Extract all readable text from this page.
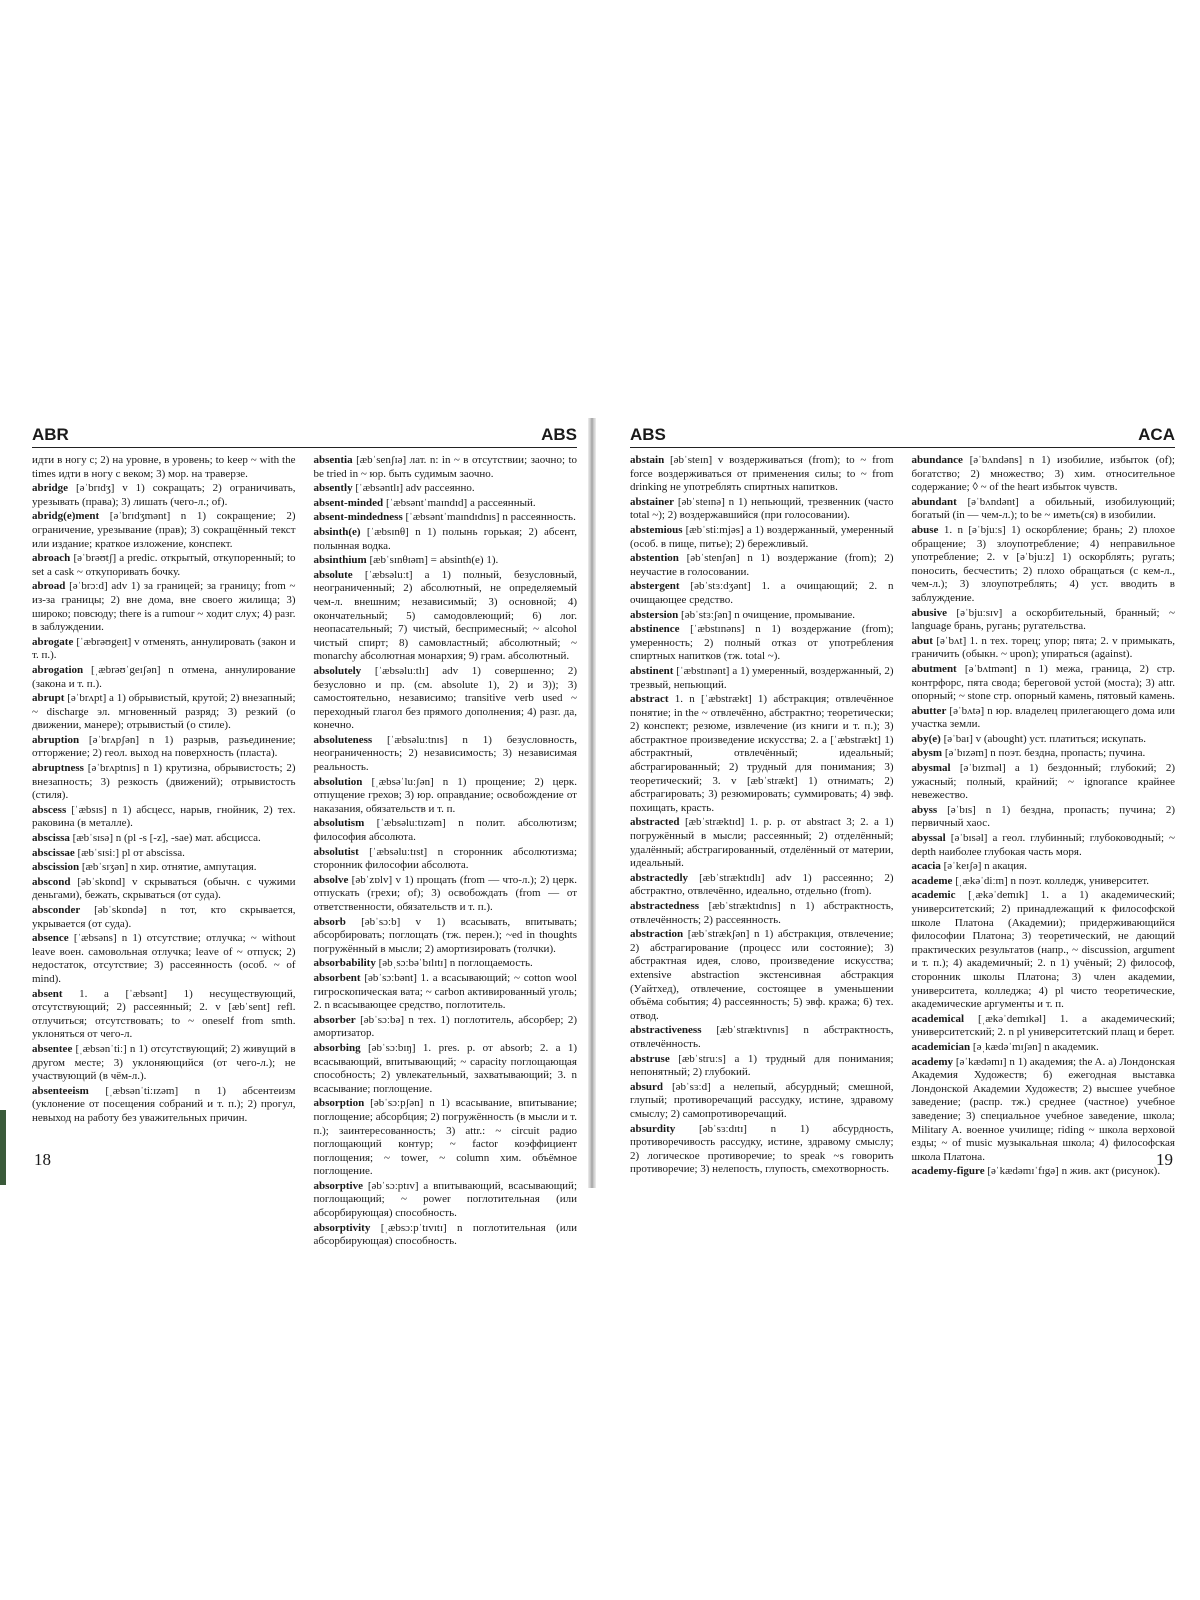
ABR	ABS
идти в ногу с; 2) на уровне, в уровень; to keep ~ with the times идти в ногу с веком; 3) мор. на траверзе.
abridge [əˈbrɪdʒ] v 1) сокращать; 2) ограничивать, урезывать (права); 3) лишать (чего-л.; of).
abridg(e)ment [əˈbrɪdʒmənt] n 1) сокращение; 2) ограничение, урезывание (прав); 3) сокращённый текст или издание; краткое изложение, конспект.
abroach [əˈbrəʊtʃ] a predic. открытый, откупоренный; to set a cask ~ откупоривать бочку.
abroad [əˈbrɔːd] adv 1) за границей; за границу; from ~ из-за границы; 2) вне дома, вне своего жилища; 3) широко; повсюду; there is a rumour ~ ходит слух; 4) разг. в заблуждении.
abrogate [ˈæbrəʊgeɪt] v отменять, аннулировать (закон и т. п.).
abrogation [ˌæbrəʊˈgeɪʃən] n отмена, аннулирование (закона и т. п.).
abrupt [əˈbrʌpt] a 1) обрывистый, крутой; 2) внезапный; ~ discharge эл. мгновенный разряд; 3) резкий (о движении, манере); отрывистый (о стиле).
abruption [əˈbrʌpʃən] n 1) разрыв, разъединение; отторжение; 2) геол. выход на поверхность (пласта).
abruptness [əˈbrʌptnɪs] n 1) крутизна, обрывистость; 2) внезапность; 3) резкость (движений); отрывистость (стиля).
abscess [ˈæbsɪs] n 1) абсцесс, нарыв, гнойник, 2) тех. раковина (в металле).
abscissa [æbˈsɪsə] n (pl -s [-z], -sae) мат. абсцисса.
abscissae [æbˈsɪsiː] pl от abscissa.
abscission [æbˈsɪʒən] n хир. отнятие, ампутация.
abscond [əbˈskɒnd] v скрываться (обычн. с чужими деньгами), бежать, скрываться (от суда).
absconder [əbˈskɒndə] n тот, кто скрывается, укрывается (от суда).
absence [ˈæbsəns] n 1) отсутствие; отлучка; ~ without leave воен. самовольная отлучка; leave of ~ отпуск; 2) недостаток, отсутствие; 3) рассеянность (особ. ~ of mind).
absent 1. a [ˈæbsənt] 1) несуществующий, отсутствующий; 2) рассеянный; 2. v [æbˈsent] refl. отлучиться; отсутствовать; to ~ oneself from smth. уклоняться от чего-л.
absentee [ˌæbsənˈtiː] n 1) отсутствующий; 2) живущий в другом месте; 3) уклоняющийся (от чего-л.); не участвующий (в чём-л.).
absenteeism [ˌæbsənˈtiːɪzəm] n 1) абсентеизм (уклонение от посещения собраний и т. п.); 2) прогул, невыход на работу без уважительных причин.
absentia [æbˈsenʃɪə] лат. n: in ~ в отсутствии; заочно; to be tried in ~ юр. быть судимым заочно.
absently [ˈæbsəntlɪ] adv рассеянно.
absent-minded [ˈæbsəntˈmaɪndɪd] a рассеянный.
absent-mindedness [ˈæbsəntˈmaɪndɪdnɪs] n рассеянность.
absinth(e) [ˈæbsɪnθ] n 1) полынь горькая; 2) абсент, полынная водка.
absinthium [æbˈsɪnθɪəm] = absinth(e) 1).
absolute [ˈæbsəluːt] a 1) полный, безусловный, неограниченный; 2) абсолютный, не определяемый чем-л. внешним; независимый; 3) основной; 4) окончательный; 5) самодовлеющий; 6) лог. неопасательный; 7) чистый, беспримесный; ~ alcohol чистый спирт; 8) самовластный; абсолютный; ~ monarchy абсолютная монархия; 9) грам. абсолютный.
absolutely [ˈæbsəluːtlɪ] adv 1) совершенно; 2) безусловно и пр. (см. absolute 1), 2) и 3)); 3) самостоятельно, независимо; transitive verb used ~ переходный глагол без прямого дополнения; 4) разг. да, конечно.
absoluteness [ˈæbsəluːtnɪs] n 1) безусловность, неограниченность; 2) независимость; 3) независимая реальность.
absolution [ˌæbsəˈluːʃən] n 1) прощение; 2) церк. отпущение грехов; 3) юр. оправдание; освобождение от наказания, обязательств и т. п.
absolutism [ˈæbsəluːtɪzəm] n полит. абсолютизм; философия абсолюта.
absolutist [ˈæbsəluːtɪst] n сторонник абсолютизма; сторонник философии абсолюта.
absolve [əbˈzɒlv] v 1) прощать (from — что-л.); 2) церк. отпускать (грехи; of); 3) освобождать (from — от ответственности, обязательств и т. п.).
absorb [əbˈsɔːb] v 1) всасывать, впитывать; абсорбировать; поглощать (тж. перен.); ~ed in thoughts погружённый в мысли; 2) амортизировать (толчки).
absorbability [əbˌsɔːbəˈbɪlɪtɪ] n поглощаемость.
absorbent [əbˈsɔːbənt] 1. a всасывающий; ~ cotton wool гигроскопическая вата; ~ carbon активированный уголь; 2. n всасывающее средство, поглотитель.
absorber [əbˈsɔːbə] n тех. 1) поглотитель, абсорбер; 2) амортизатор.
absorbing [əbˈsɔːbɪŋ] 1. pres. p. от absorb; 2. a 1) всасывающий, впитывающий; ~ capacity поглощающая способность; 2) увлекательный, захватывающий; 3. n всасывание; поглощение.
absorption [əbˈsɔːpʃən] n 1) всасывание, впитывание; поглощение; абсорбция; 2) погружённость (в мысли и т. п.); заинтересованность; 3) attr.: ~ circuit радио поглощающий контур; ~ factor коэффициент поглощения; ~ tower, ~ column хим. объёмное поглощение.
absorptive [əbˈsɔːptɪv] a впитывающий, всасывающий; поглощающий; ~ power поглотительная (или абсорбирующая) способность.
absorptivity [ˌæbsɔːpˈtɪvɪtɪ] n поглотительная (или абсорбирующая) способность.
18
ABS	ACA
abstain [əbˈsteɪn] v воздерживаться (from); to ~ from force воздерживаться от применения силы; to ~ from drinking не употреблять спиртных напитков.
abstainer [əbˈsteɪnə] n 1) непьющий, трезвенник (часто total ~); 2) воздержавшийся (при голосовании).
abstemious [æbˈstiːmjəs] a 1) воздержанный, умеренный (особ. в пище, питье); 2) бережливый.
abstention [əbˈstenʃən] n 1) воздержание (from); 2) неучастие в голосовании.
abstergent [əbˈstɜːdʒənt] 1. a очищающий; 2. n очищающее средство.
abstersion [əbˈstɜːʃən] n очищение, промывание.
abstinence [ˈæbstɪnəns] n 1) воздержание (from); умеренность; 2) полный отказ от употребления спиртных напитков (тж. total ~).
abstinent [ˈæbstɪnənt] a 1) умеренный, воздержанный, 2) трезвый, непьющий.
abstract 1. n [ˈæbstrækt] 1) абстракция; отвлечённое понятие; in the ~ отвлечённо, абстрактно; теоретически; 2) конспект; резюме, извлечение (из книги и т. п.); 3) абстрактное произведение искусства; 2. a [ˈæbstrækt] 1) абстрактный, отвлечённый; идеальный; абстрагированный; 2) трудный для понимания; 3) теоретический; 3. v [æbˈstrækt] 1) отнимать; 2) абстрагировать; 3) резюмировать; суммировать; 4) эвф. похищать, красть.
abstracted [æbˈstræktɪd] 1. p. p. от abstract 3; 2. a 1) погружённый в мысли; рассеянный; 2) отделённый; удалённый; абстрагированный, отделённый от материи, идеальный.
abstractedly [æbˈstræktɪdlɪ] adv 1) рассеянно; 2) абстрактно, отвлечённо, идеально, отдельно (from).
abstractedness [æbˈstræktɪdnɪs] n 1) абстрактность, отвлечённость; 2) рассеянность.
abstraction [æbˈstrækʃən] n 1) абстракция, отвлечение; 2) абстрагирование (процесс или состояние); 3) абстрактная идея, слово, произведение искусства; extensive abstraction экстенсивная абстракция (Уайтхед), отвлечение, состоящее в уменьшении объёма события; 4) рассеянность; 5) эвф. кража; 6) тех. отвод.
abstractiveness [æbˈstræktɪvnɪs] n абстрактность, отвлечённость.
abstruse [æbˈstruːs] a 1) трудный для понимания; непонятный; 2) глубокий.
absurd [əbˈsɜːd] a нелепый, абсурдный; смешной, глупый; противоречащий рассудку, истине, здравому смыслу; 2) самопротиворечащий.
absurdity [əbˈsɜːdɪtɪ] n 1) абсурдность, противоречивость рассудку, истине, здравому смыслу; 2) логическое противоречие; to speak ~s говорить противоречие; 3) нелепость, глупость, смехотворность.
abundance [əˈbʌndəns] n 1) изобилие, избыток (of); богатство; 2) множество; 3) хим. относительное содержание; ◊ ~ of the heart избыток чувств.
abundant [əˈbʌndənt] a обильный, изобилующий; богатый (in — чем-л.); to be ~ иметь(ся) в изобилии.
abuse 1. n [əˈbjuːs] 1) оскорбление; брань; 2) плохое обращение; 3) злоупотребление; 4) неправильное употребление; 2. v [əˈbjuːz] 1) оскорблять; ругать; поносить, бесчестить; 2) плохо обращаться (с кем-л., чем-л.); 3) злоупотреблять; 4) уст. вводить в заблуждение.
abusive [əˈbjuːsɪv] a оскорбительный, бранный; ~ language брань, ругань; ругательства.
abut [əˈbʌt] 1. n тех. торец; упор; пята; 2. v примыкать, граничить (обыкн. ~ upon); упираться (against).
abutment [əˈbʌtmənt] n 1) межа, граница, 2) стр. контрфорс, пята свода; береговой устой (моста); 3) attr. опорный; ~ stone стр. опорный камень, пятовый камень.
abutter [əˈbʌtə] n юр. владелец прилегающего дома или участка земли.
aby(e) [əˈbaɪ] v (abought) уст. платиться; искупать.
abysm [əˈbɪzəm] n поэт. бездна, пропасть; пучина.
abysmal [əˈbɪzməl] a 1) бездонный; глубокий; 2) ужасный; полный, крайний; ~ ignorance крайнее невежество.
abyss [əˈbɪs] n 1) бездна, пропасть; пучина; 2) первичный хаос.
abyssal [əˈbɪsəl] a геол. глубинный; глубоководный; ~ depth наиболее глубокая часть моря.
acacia [əˈkeɪʃə] n акация.
academe [ˌækəˈdiːm] n поэт. колледж, университет.
academic [ˌækəˈdemɪk] 1. a 1) академический; университетский; 2) принадлежащий к философской школе Платона (Академии); придерживающийся философии Платона; 3) теоретический, не дающий практических результатов (напр., ~ discussion, argument и т. п.); 4) академичный; 2. n 1) учёный; 2) философ, сторонник школы Платона; 3) член академии, университета, колледжа; 4) pl чисто теоретические, академические аргументы и т. п.
academical [ˌækəˈdemɪkəl] 1. a академический; университетский; 2. n pl университетский плащ и берет.
academician [əˌkædəˈmɪʃən] n академик.
academy [əˈkædəmɪ] n 1) академия; the A. a) Лондонская Академия Художеств; б) ежегодная выставка Лондонской Академии Художеств; 2) высшее учебное заведение; (распр. тж.) среднее (частное) учебное заведение; 3) специальное учебное заведение, школа; Military A. военное училище; riding ~ школа верховой езды; ~ of music музыкальная школа; 4) философская школа Платона.
academy-figure [əˈkædəmɪˈfɪgə] n жив. акт (рисунок).
19
